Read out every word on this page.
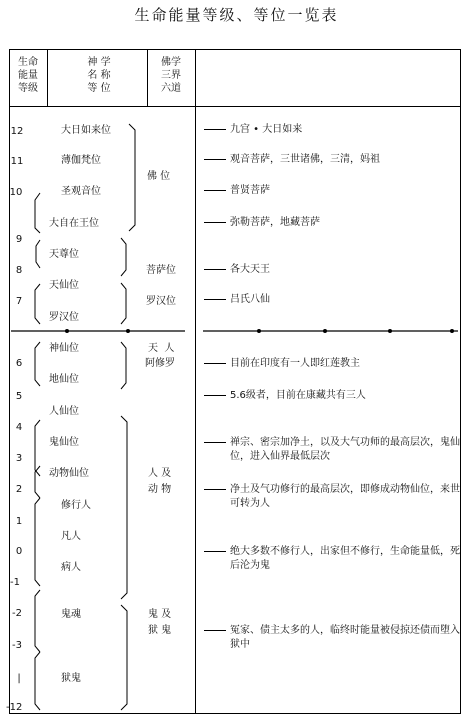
生命能量等级、等位一览表
生命
能量
等级
神 学
名 称
等 位
佛学
三界
六道
12
11
10
9
8
7
6
5
4
3
2
1
0
-1
-2
-3
|
-12
大日如来位
薄伽梵位
圣观音位
大自在王位
天尊位
天仙位
罗汉位
神仙位
地仙位
人仙位
鬼仙位
动物仙位
修行人
凡人
病人
鬼魂
狱鬼
佛 位
菩萨位
罗汉位
天  人
阿修罗
人 及
动 物
鬼 及
狱 鬼
九宫 • 大日如来
观音菩萨，三世诸佛，三清，妈祖
普贤菩萨
弥勒菩萨，地藏菩萨
各大天王
吕氏八仙
目前在印度有一人即红莲教主
5.6级者，目前在康藏共有三人
禅宗、密宗加净土，以及大气功师的最高层次，鬼仙位，进入仙界最低层次
净土及气功修行的最高层次，即修成动物仙位，来世可转为人
绝大多数不修行人，出家但不修行，生命能量低，死后沦为鬼
冤家、债主太多的人，临终时能量被侵掠还债而堕入狱中
